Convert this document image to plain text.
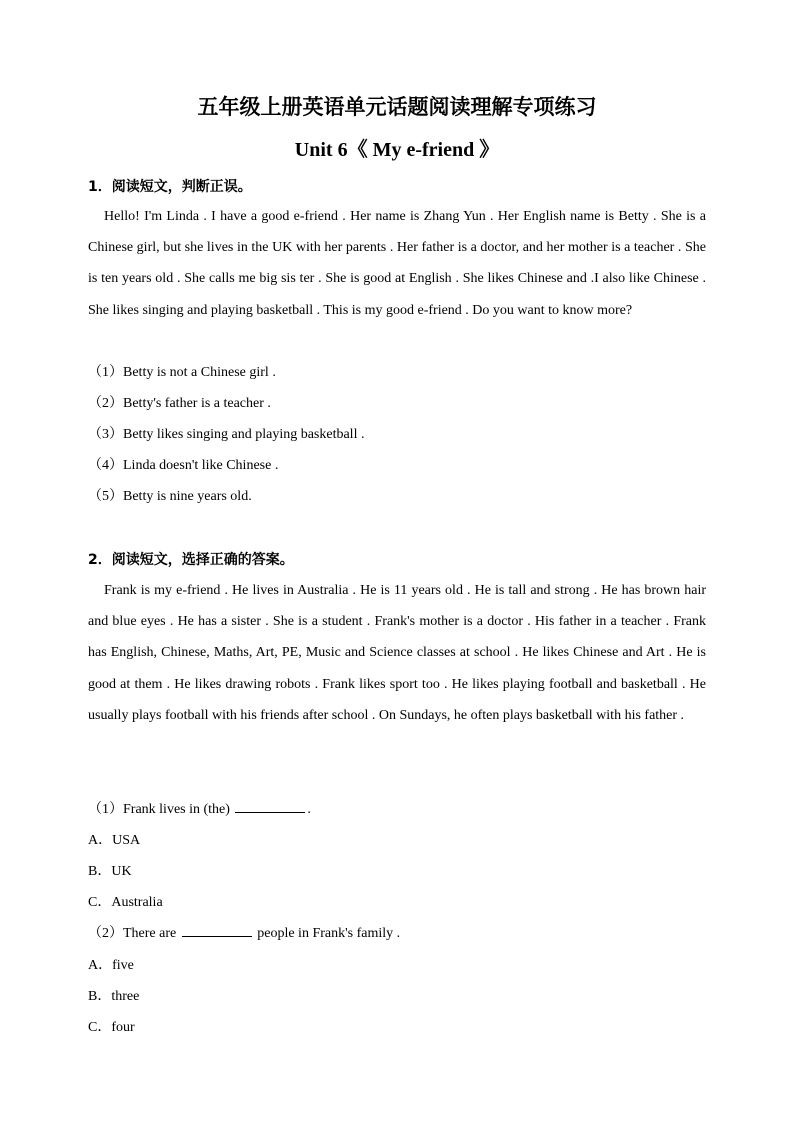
五年级上册英语单元话题阅读理解专项练习
Unit 6《 My e-friend 》
1．阅读短文，判断正误。
Hello! I'm Linda . I have a good e-friend . Her name is Zhang Yun . Her English name is Betty . She is a Chinese girl, but she lives in the UK with her parents . Her father is a doctor, and her mother is a teacher . She is ten years old . She calls me big sis ter . She is good at English . She likes Chinese and .I also like Chinese . She likes singing and playing basketball . This is my good e-friend . Do you want to know more?
（1）Betty is not a Chinese girl .
（2）Betty's father is a teacher .
（3）Betty likes singing and playing basketball .
（4）Linda doesn't like Chinese .
（5）Betty is nine years old.
2．阅读短文，选择正确的答案。
Frank is my e-friend . He lives in Australia . He is 11 years old . He is tall and strong . He has brown hair and blue eyes . He has a sister . She is a student . Frank's mother is a doctor . His father in a teacher . Frank has English, Chinese, Maths, Art, PE, Music and Science classes at school . He likes Chinese and Art . He is good at them . He likes drawing robots . Frank likes sport too . He likes playing football and basketball . He usually plays football with his friends after school . On Sundays, he often plays basketball with his father .
（1）Frank lives in (the)	.
A．USA
B．UK
C．Australia
（2）There are	people in Frank's family .
A．five
B．three
C．four
